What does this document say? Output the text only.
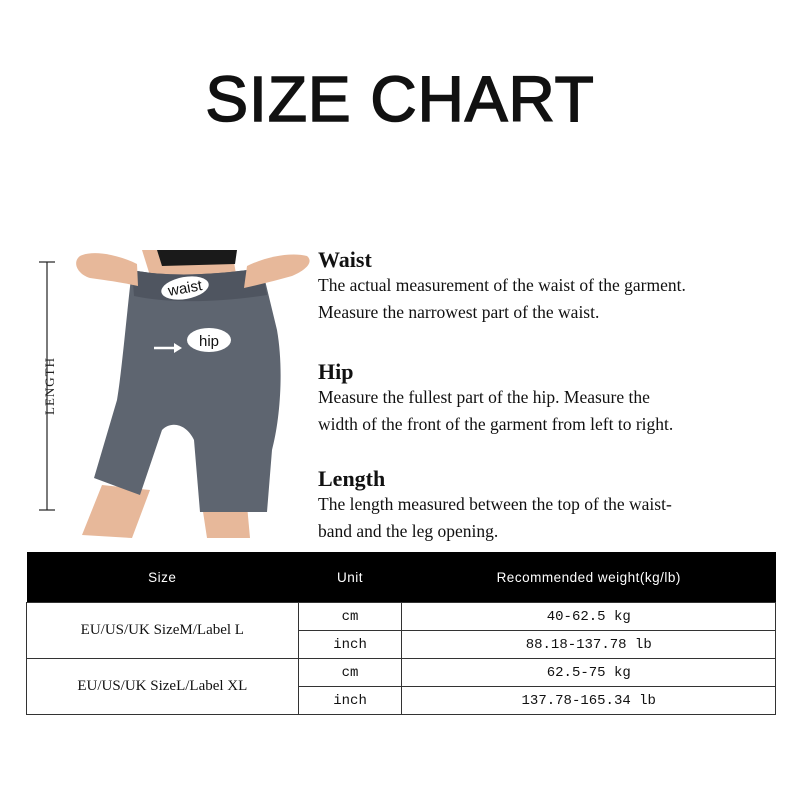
SIZE CHART
waist
hip
LENGTH
Waist

The actual measurement of the waist of the garment.

Measure the narrowest part of the waist.

Hip

Measure the fullest part of the hip. Measure the

width of the front of the garment from left to right.

Length

The length measured between the top of the waist-

band and the leg opening.

Size	Unit	Recommended weight(kg/lb)
EU/US/UK SizeM/Label L	cm	40-62.5 kg
	inch	88.18-137.78 lb
EU/US/UK SizeL/Label XL	cm	62.5-75 kg
	inch	137.78-165.34 lb
